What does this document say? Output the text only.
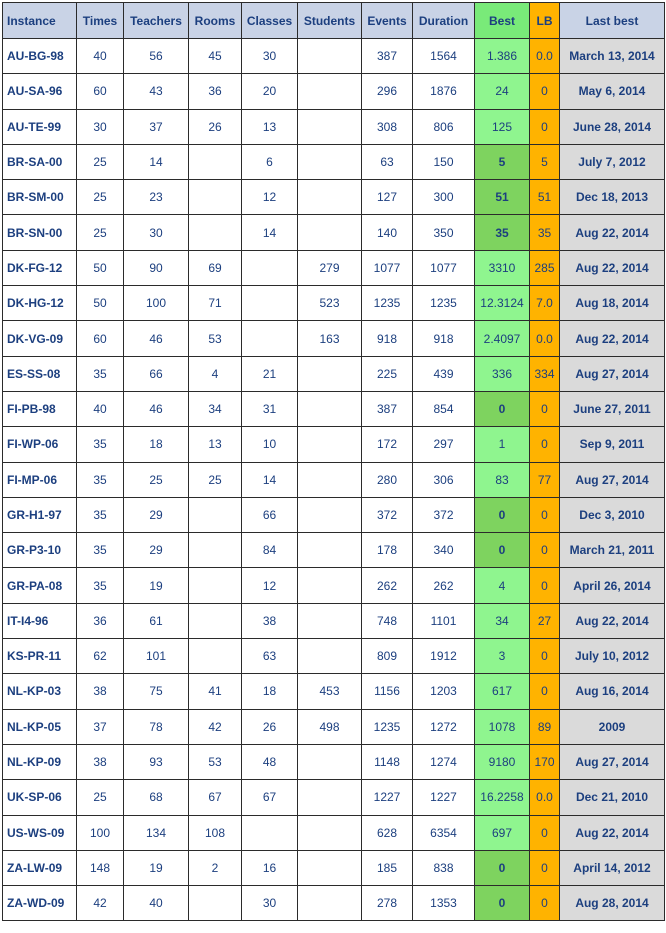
Instance	Times	Teachers	Rooms	Classes	Students	Events	Duration	Best	LB	Last best
AU-BG-98	40	56	45	30		387	1564	1.386	0.0	March 13, 2014
AU-SA-96	60	43	36	20		296	1876	24	0	May 6, 2014
AU-TE-99	30	37	26	13		308	806	125	0	June 28, 2014
BR-SA-00	25	14		6		63	150	5	5	July 7, 2012
BR-SM-00	25	23		12		127	300	51	51	Dec 18, 2013
BR-SN-00	25	30		14		140	350	35	35	Aug 22, 2014
DK-FG-12	50	90	69		279	1077	1077	3310	285	Aug 22, 2014
DK-HG-12	50	100	71		523	1235	1235	12.3124	7.0	Aug 18, 2014
DK-VG-09	60	46	53		163	918	918	2.4097	0.0	Aug 22, 2014
ES-SS-08	35	66	4	21		225	439	336	334	Aug 27, 2014
FI-PB-98	40	46	34	31		387	854	0	0	June 27, 2011
FI-WP-06	35	18	13	10		172	297	1	0	Sep 9, 2011
FI-MP-06	35	25	25	14		280	306	83	77	Aug 27, 2014
GR-H1-97	35	29		66		372	372	0	0	Dec 3, 2010
GR-P3-10	35	29		84		178	340	0	0	March 21, 2011
GR-PA-08	35	19		12		262	262	4	0	April 26, 2014
IT-I4-96	36	61		38		748	1101	34	27	Aug 22, 2014
KS-PR-11	62	101		63		809	1912	3	0	July 10, 2012
NL-KP-03	38	75	41	18	453	1156	1203	617	0	Aug 16, 2014
NL-KP-05	37	78	42	26	498	1235	1272	1078	89	2009
NL-KP-09	38	93	53	48		1148	1274	9180	170	Aug 27, 2014
UK-SP-06	25	68	67	67		1227	1227	16.2258	0.0	Dec 21, 2010
US-WS-09	100	134	108			628	6354	697	0	Aug 22, 2014
ZA-LW-09	148	19	2	16		185	838	0	0	April 14, 2012
ZA-WD-09	42	40		30		278	1353	0	0	Aug 28, 2014
